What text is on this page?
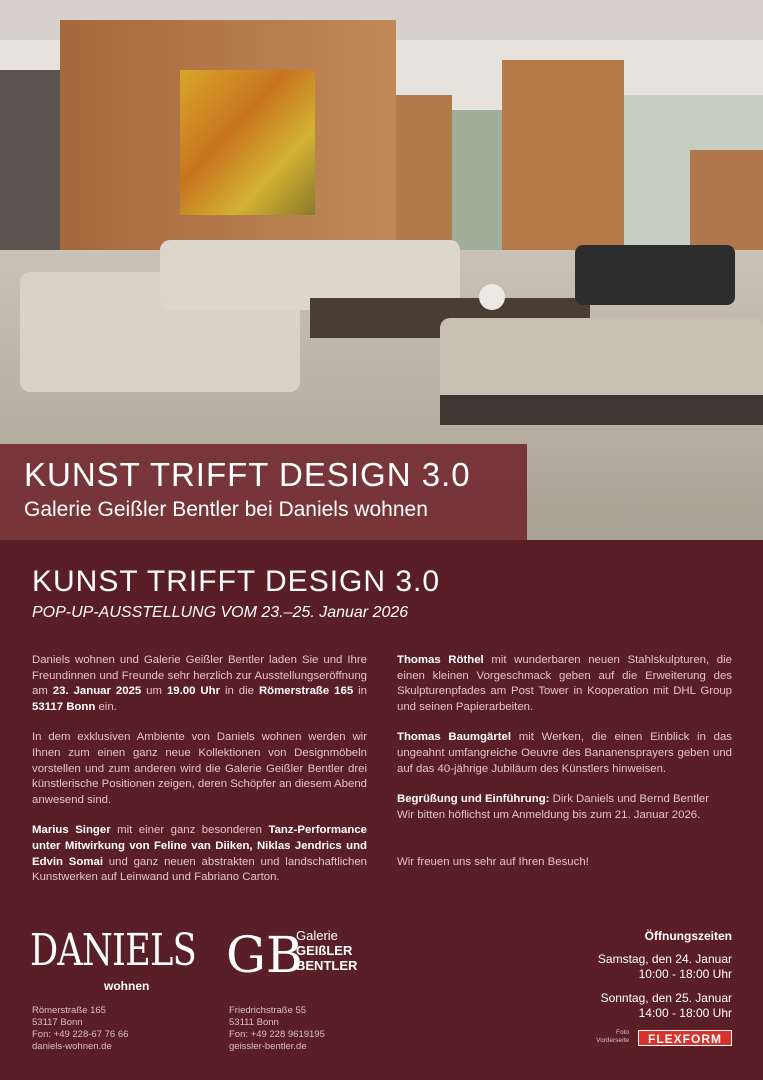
KUNST TRIFFT DESIGN 3.0
Galerie Geißler Bentler bei Daniels wohnen
KUNST TRIFFT DESIGN 3.0
POP-UP-AUSSTELLUNG VOM 23.–25. Januar 2026

Daniels wohnen und Galerie Geißler Bentler laden Sie und Ihre Freundinnen und Freunde sehr herzlich zur Ausstellungseröffnung am 23. Januar 2025 um 19.00 Uhr in die Römerstraße 165 in 53117 Bonn ein.

In dem exklusiven Ambiente von Daniels wohnen werden wir Ihnen zum einen ganz neue Kollektionen von Designmöbeln vorstellen und zum anderen wird die Galerie Geißler Bentler drei künstlerische Positionen zeigen, deren Schöpfer an diesem Abend anwesend sind.

Marius Singer mit einer ganz besonderen Tanz-Performance unter Mitwirkung von Feline van Diiken, Niklas Jendrics und Edvin Somai und ganz neuen abstrakten und landschaftlichen Kunstwerken auf Leinwand und Fabriano Carton.

Thomas Röthel mit wunderbaren neuen Stahlskulpturen, die einen kleinen Vorgeschmack geben auf die Erweiterung des Skulpturenpfades am Post Tower in Kooperation mit DHL Group und seinen Papierarbeiten.

Thomas Baumgärtel mit Werken, die einen Einblick in das ungeahnt umfangreiche Oeuvre des Bananensprayers geben und auf das 40-jährige Jubiläum des Künstlers hinweisen.

Begrüßung und Einführung: Dirk Daniels und Bernd Bentler
Wir bitten höflichst um Anmeldung bis zum 21. Januar 2026.

Wir freuen uns sehr auf Ihren Besuch!

DANIELS
wohnen
GB
Galerie
GEIßLER
BENTLER
Römerstraße 165
53117 Bonn
Fon: +49 228-67 76 66
daniels-wohnen.de
Friedrichstraße 55
53111 Bonn
Fon: +49 228 9619195
geissler-bentler.de
Öffnungszeiten
Samstag, den 24. Januar
10:00 - 18:00 Uhr
Sonntag, den 25. Januar
14:00 - 18:00 Uhr
Foto
Vorderseite	FLEXFORM
